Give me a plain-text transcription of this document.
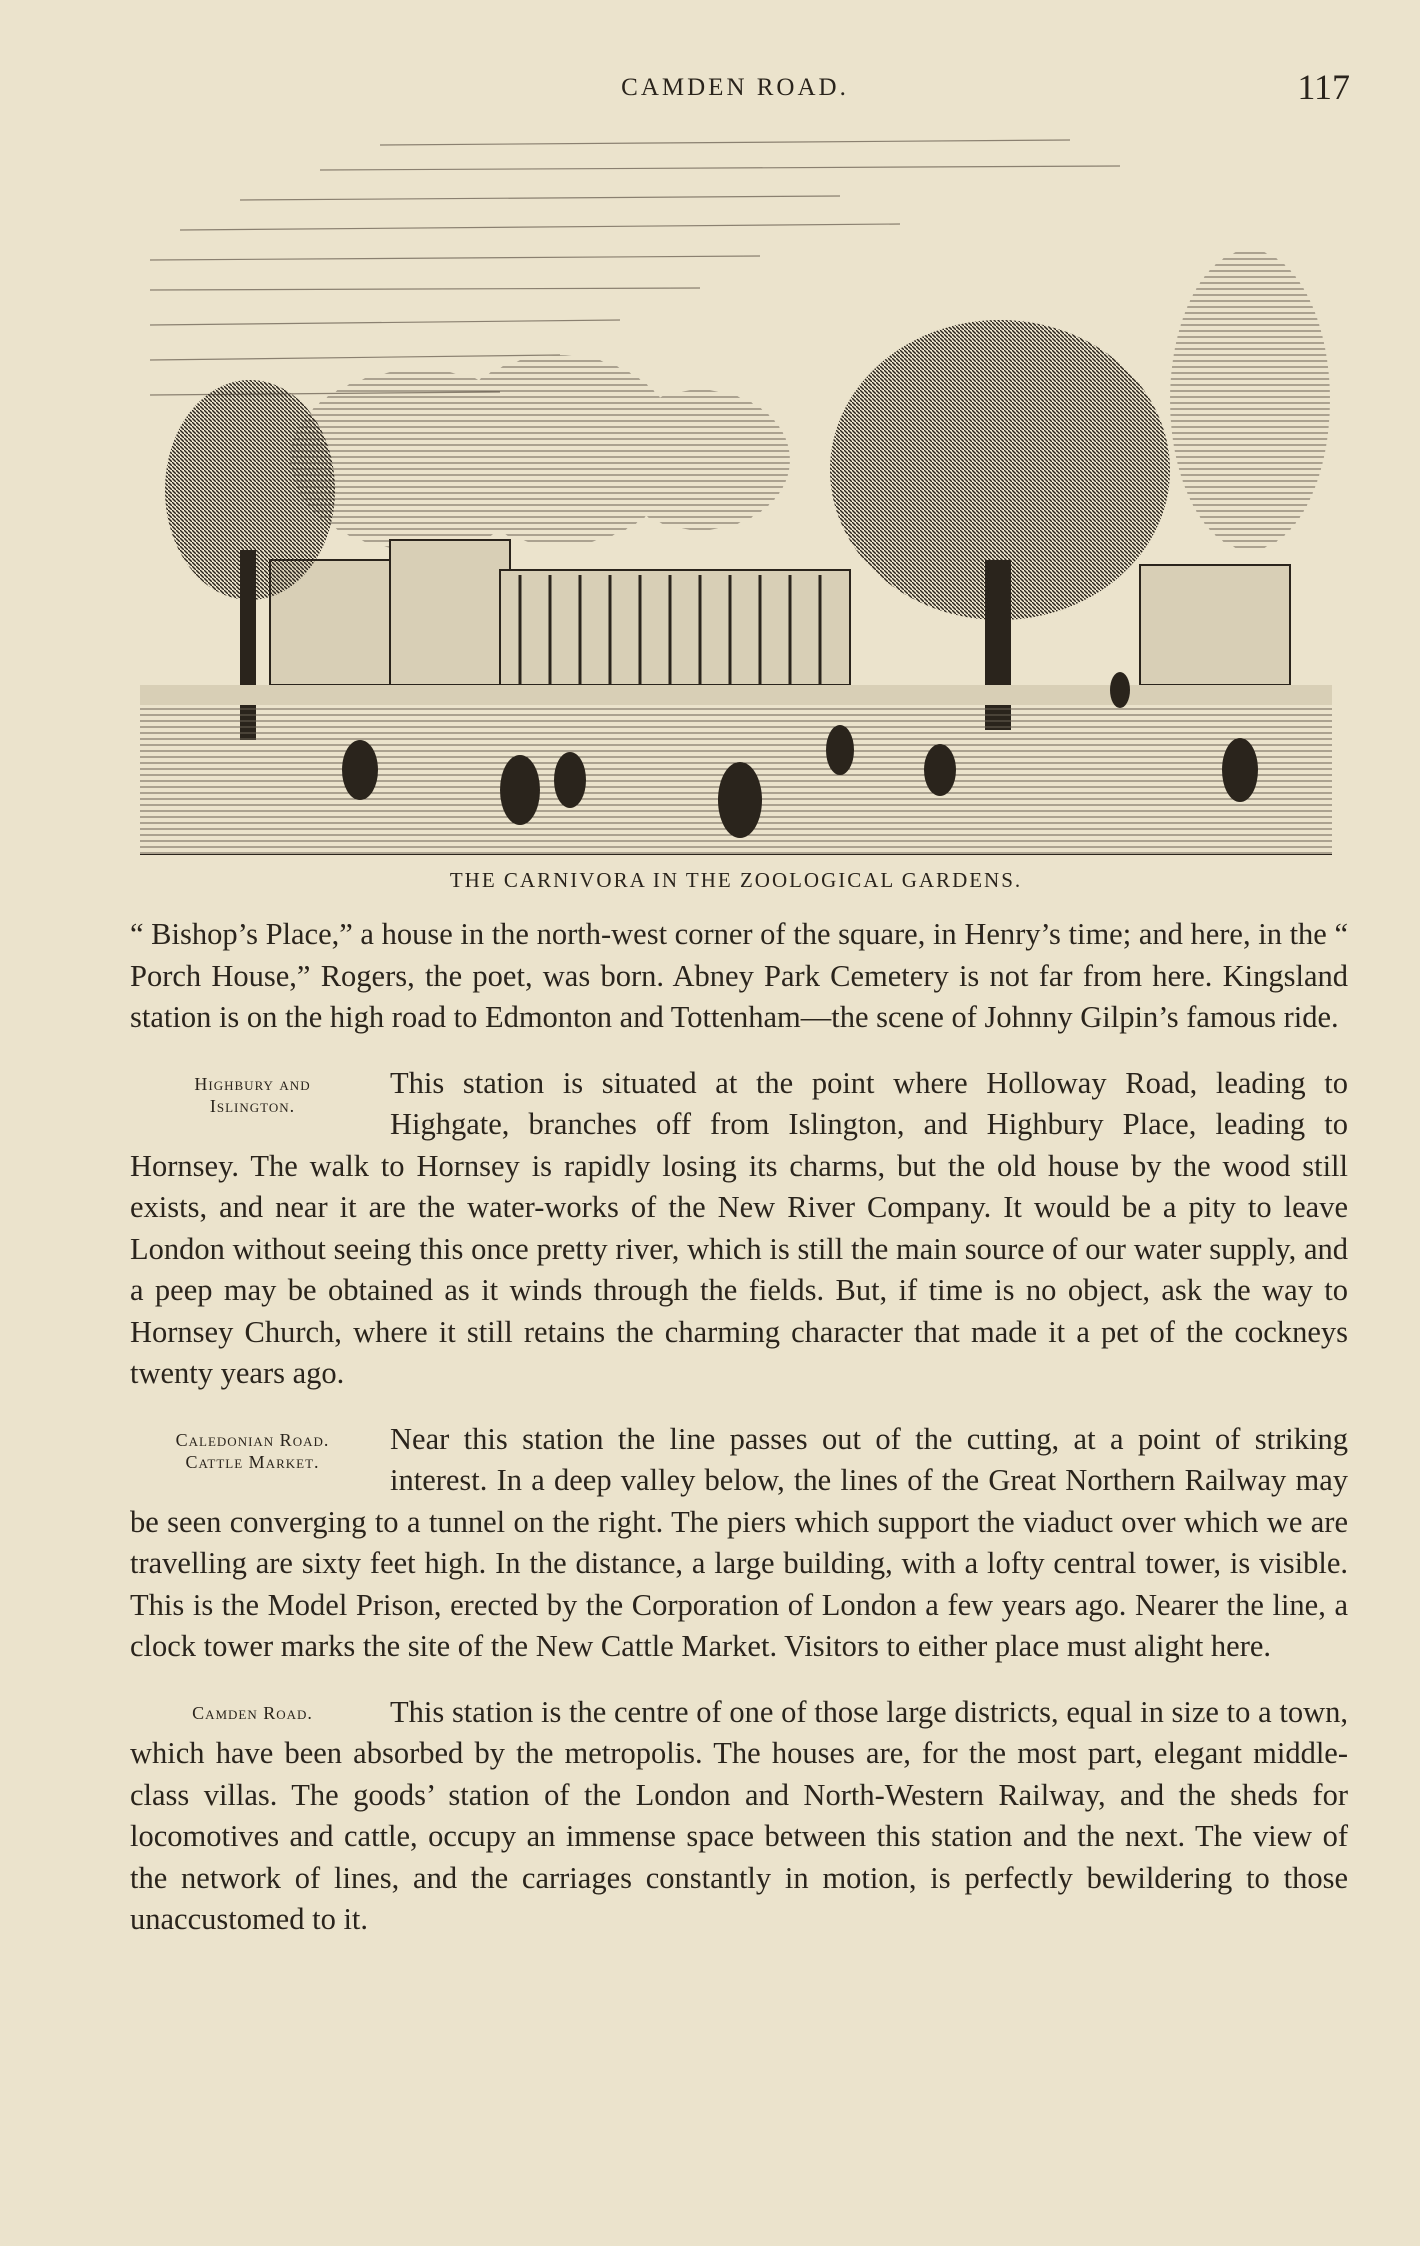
CAMDEN ROAD.	117
THE CARNIVORA IN THE ZOOLOGICAL GARDENS.

“ Bishop’s Place,” a house in the north-west corner of the square, in Henry’s time; and here, in the “ Porch House,” Rogers, the poet, was born. Abney Park Cemetery is not far from here. Kingsland station is on the high road to Edmonton and Tottenham—the scene of Johnny Gilpin’s famous ride.

Highbury and
Islington.

This station is situated at the point where Holloway Road, leading to Highgate, branches off from Islington, and Highbury Place, leading to Hornsey. The walk to Hornsey is rapidly losing its charms, but the old house by the wood still exists, and near it are the water-works of the New River Company. It would be a pity to leave London without seeing this once pretty river, which is still the main source of our water supply, and a peep may be obtained as it winds through the fields. But, if time is no object, ask the way to Hornsey Church, where it still retains the charming character that made it a pet of the cockneys twenty years ago.

Caledonian Road.
Cattle Market.

Near this station the line passes out of the cutting, at a point of striking interest. In a deep valley below, the lines of the Great Northern Railway may be seen converging to a tunnel on the right. The piers which support the viaduct over which we are travelling are sixty feet high. In the distance, a large building, with a lofty central tower, is visible. This is the Model Prison, erected by the Corporation of London a few years ago. Nearer the line, a clock tower marks the site of the New Cattle Market. Visitors to either place must alight here.

Camden Road.	This station is the centre of one of those large districts, equal in size to a town, which have been absorbed by the metropolis. The houses are, for the most part, elegant middle-class villas. The goods’ station of the London and North-Western Railway, and the sheds for locomotives and cattle, occupy an immense space between this station and the next. The view of the network of lines, and the carriages constantly in motion, is perfectly bewildering to those unaccustomed to it.
